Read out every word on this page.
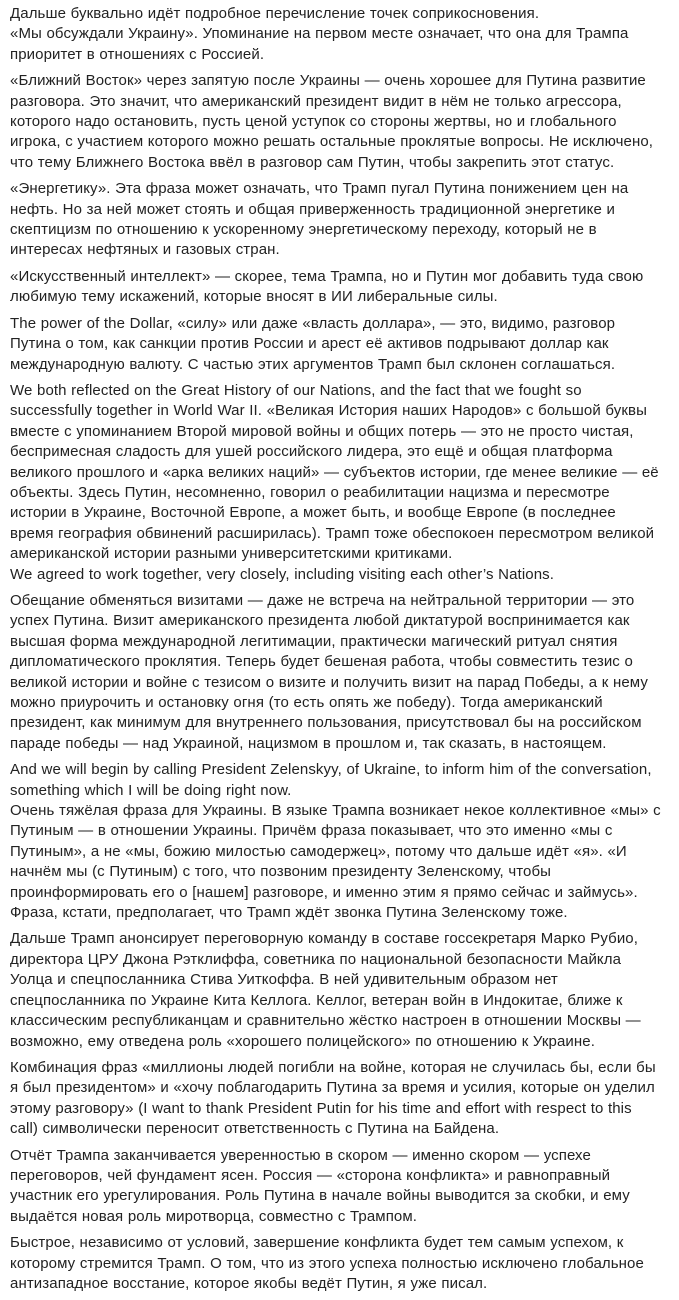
Дальше буквально идёт подробное перечисление точек соприкосновения.
«Мы обсуждали Украину». Упоминание на первом месте означает, что она для Трампа приоритет в отношениях с Россией.

«Ближний Восток» через запятую после Украины — очень хорошее для Путина развитие разговора. Это значит, что американский президент видит в нём не только агрессора, которого надо остановить, пусть ценой уступок со стороны жертвы, но и глобального игрока, с участием которого можно решать остальные проклятые вопросы. Не исключено, что тему Ближнего Востока ввёл в разговор сам Путин, чтобы закрепить этот статус.

«Энергетику». Эта фраза может означать, что Трамп пугал Путина понижением цен на нефть. Но за ней может стоять и общая приверженность традиционной энергетике и скептицизм по отношению к ускоренному энергетическому переходу, который не в интересах нефтяных и газовых стран.

«Искусственный интеллект» — скорее, тема Трампа, но и Путин мог добавить туда свою любимую тему искажений, которые вносят в ИИ либеральные силы.

The power of the Dollar, «силу» или даже «власть доллара», — это, видимо, разговор Путина о том, как санкции против России и арест её активов подрывают доллар как международную валюту. С частью этих аргументов Трамп был склонен соглашаться.

We both reflected on the Great History of our Nations, and the fact that we fought so successfully together in World War II. «Великая История наших Народов» с большой буквы вместе с упоминанием Второй мировой войны и общих потерь — это не просто чистая, беспримесная сладость для ушей российского лидера, это ещё и общая платформа великого прошлого и «арка великих наций» — субъектов истории, где менее великие — её объекты. Здесь Путин, несомненно, говорил о реабилитации нацизма и пересмотре истории в Украине, Восточной Европе, а может быть, и вообще Европе (в последнее время география обвинений расширилась). Трамп тоже обеспокоен пересмотром великой американской истории разными университетскими критиками.
We agreed to work together, very closely, including visiting each other’s Nations.

Обещание обменяться визитами — даже не встреча на нейтральной территории — это успех Путина. Визит американского президента любой диктатурой воспринимается как высшая форма международной легитимации, практически магический ритуал снятия дипломатического проклятия. Теперь будет бешеная работа, чтобы совместить тезис о великой истории и войне с тезисом о визите и получить визит на парад Победы, а к нему можно приурочить и остановку огня (то есть опять же победу). Тогда американский президент, как минимум для внутреннего пользования, присутствовал бы на российском параде победы — над Украиной, нацизмом в прошлом и, так сказать, в настоящем.

And we will begin by calling President Zelenskyy, of Ukraine, to inform him of the conversation, something which I will be doing right now.
Очень тяжёлая фраза для Украины. В языке Трампа возникает некое коллективное «мы» с Путиным — в отношении Украины. Причём фраза показывает, что это именно «мы с Путиным», а не «мы, божию милостью самодержец», потому что дальше идёт «я». «И начнём мы (с Путиным) с того, что позвоним президенту Зеленскому, чтобы проинформировать его о [нашем] разговоре, и именно этим я прямо сейчас и займусь». Фраза, кстати, предполагает, что Трамп ждёт звонка Путина Зеленскому тоже.

Дальше Трамп анонсирует переговорную команду в составе госсекретаря Марко Рубио, директора ЦРУ Джона Рэтклиффа, советника по национальной безопасности Майкла Уолца и спецпосланника Стива Уиткоффа. В ней удивительным образом нет спецпосланника по Украине Кита Келлога. Келлог, ветеран войн в Индокитае, ближе к классическим республиканцам и сравнительно жёстко настроен в отношении Москвы — возможно, ему отведена роль «хорошего полицейского» по отношению к Украине.

Комбинация фраз «миллионы людей погибли на войне, которая не случилась бы, если бы я был президентом» и «хочу поблагодарить Путина за время и усилия, которые он уделил этому разговору» (I want to thank President Putin for his time and effort with respect to this call) символически переносит ответственность с Путина на Байдена.

Отчёт Трампа заканчивается уверенностью в скором — именно скором — успехе переговоров, чей фундамент ясен. Россия — «сторона конфликта» и равноправный участник его урегулирования. Роль Путина в начале войны выводится за скобки, и ему выдаётся новая роль миротворца, совместно с Трампом.

Быстрое, независимо от условий, завершение конфликта будет тем самым успехом, к которому стремится Трамп. О том, что из этого успеха полностью исключено глобальное антизападное восстание, которое якобы ведёт Путин, я уже писал.
